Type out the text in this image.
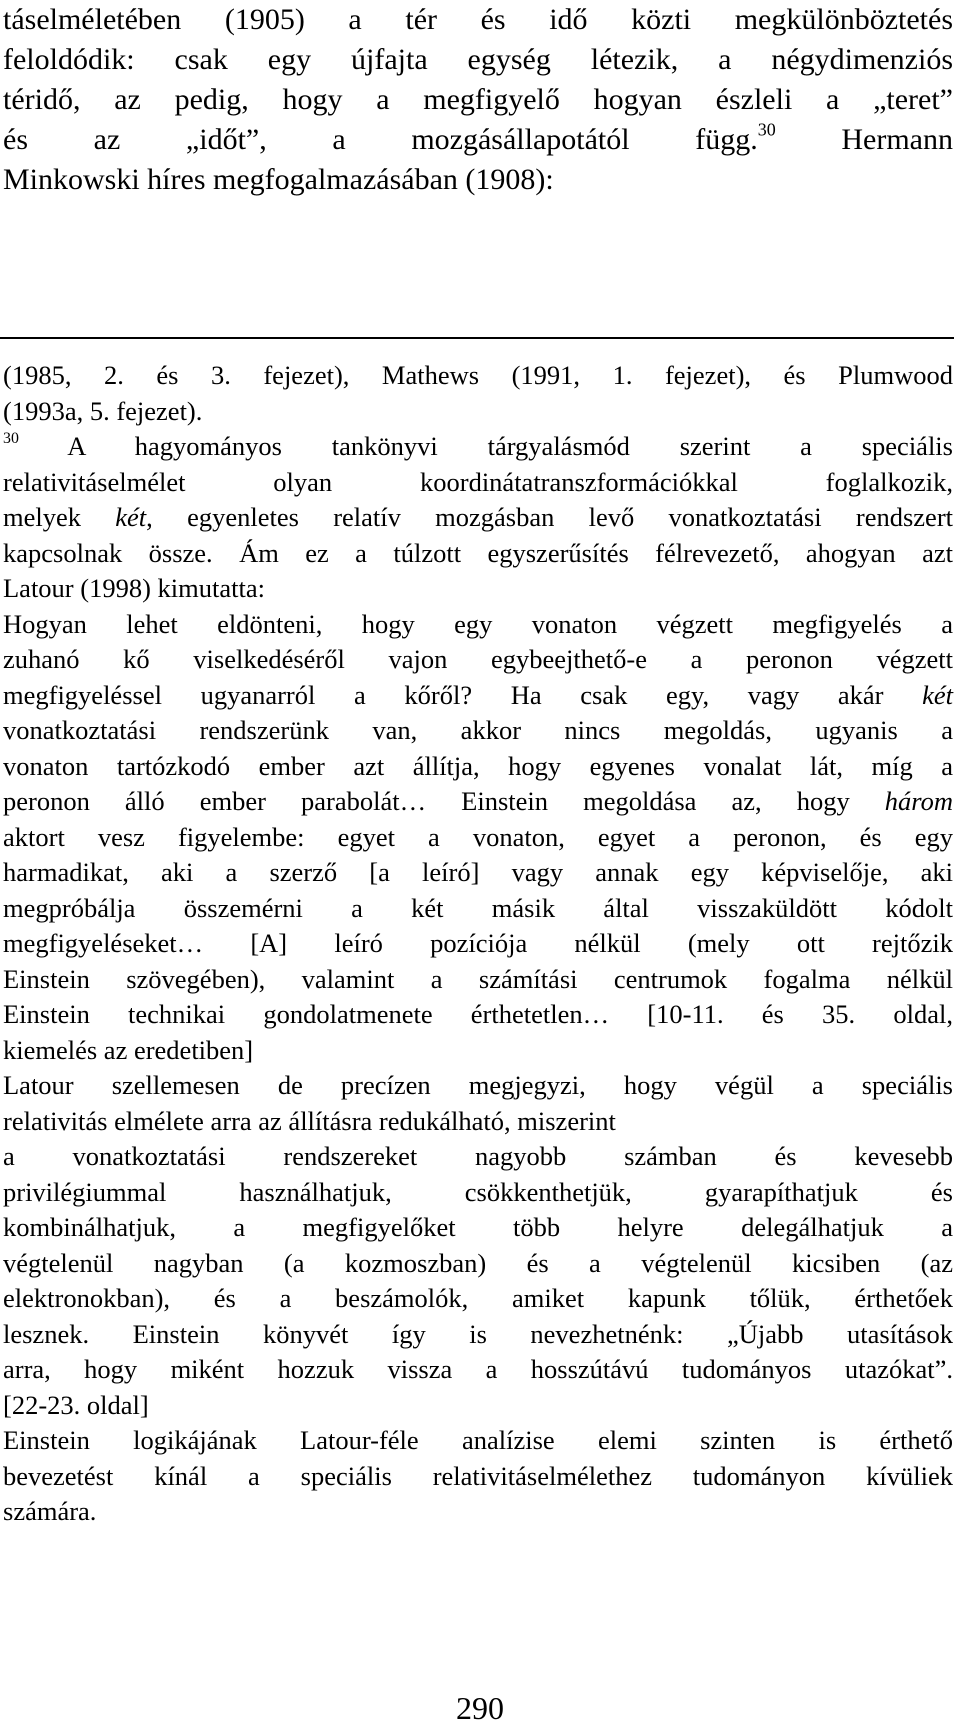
táselméletében (1905) a tér és idő közti megkülönböztetés
feloldódik: csak egy újfajta egység létezik, a négydimenziós
téridő, az pedig, hogy a megfigyelő hogyan észleli a „teret”
és az „időt”, a mozgásállapotától függ.$^{30}$ Hermann
Minkowski híres megfogalmazásában (1908):

(1985, 2. és 3. fejezet), Mathews (1991, 1. fejezet), és Plumwood
(1993a, 5. fejezet).

$^{30}$ A hagyományos tankönyvi tárgyalásmód szerint a speciális
relativitáselmélet olyan koordinátatranszformációkkal foglalkozik,
melyek két, egyenletes relatív mozgásban levő vonatkoztatási rendszert
kapcsolnak össze. Ám ez a túlzott egyszerűsítés félrevezető, ahogyan azt
Latour (1998) kimutatta:

Hogyan lehet eldönteni, hogy egy vonaton végzett megfigyelés a
zuhanó kő viselkedéséről vajon egybeejthető-e a peronon végzett
megfigyeléssel ugyanarról a kőről? Ha csak egy, vagy akár két
vonatkoztatási rendszerünk van, akkor nincs megoldás, ugyanis a
vonaton tartózkodó ember azt állítja, hogy egyenes vonalat lát, míg a
peronon álló ember parabolát… Einstein megoldása az, hogy három
aktort vesz figyelembe: egyet a vonaton, egyet a peronon, és egy
harmadikat, aki a szerző [a leíró] vagy annak egy képviselője, aki
megpróbálja összemérni a két másik által visszaküldött kódolt
megfigyeléseket… [A] leíró pozíciója nélkül (mely ott rejtőzik
Einstein szövegében), valamint a számítási centrumok fogalma nélkül
Einstein technikai gondolatmenete érthetetlen… [10-11. és 35. oldal,
kiemelés az eredetiben]

Latour szellemesen de precízen megjegyzi, hogy végül a speciális
relativitás elmélete arra az állításra redukálható, miszerint

a vonatkoztatási rendszereket nagyobb számban és kevesebb
privilégiummal használhatjuk, csökkenthetjük, gyarapíthatjuk és
kombinálhatjuk, a megfigyelőket több helyre delegálhatjuk a
végtelenül nagyban (a kozmoszban) és a végtelenül kicsiben (az
elektronokban), és a beszámolók, amiket kapunk tőlük, érthetőek
lesznek. Einstein könyvét így is nevezhetnénk: „Újabb utasítások
arra, hogy miként hozzuk vissza a hosszútávú tudományos utazókat”.
[22-23. oldal]

Einstein logikájának Latour-féle analízise elemi szinten is érthető
bevezetést kínál a speciális relativitáselmélethez tudományon kívüliek
számára.

290
